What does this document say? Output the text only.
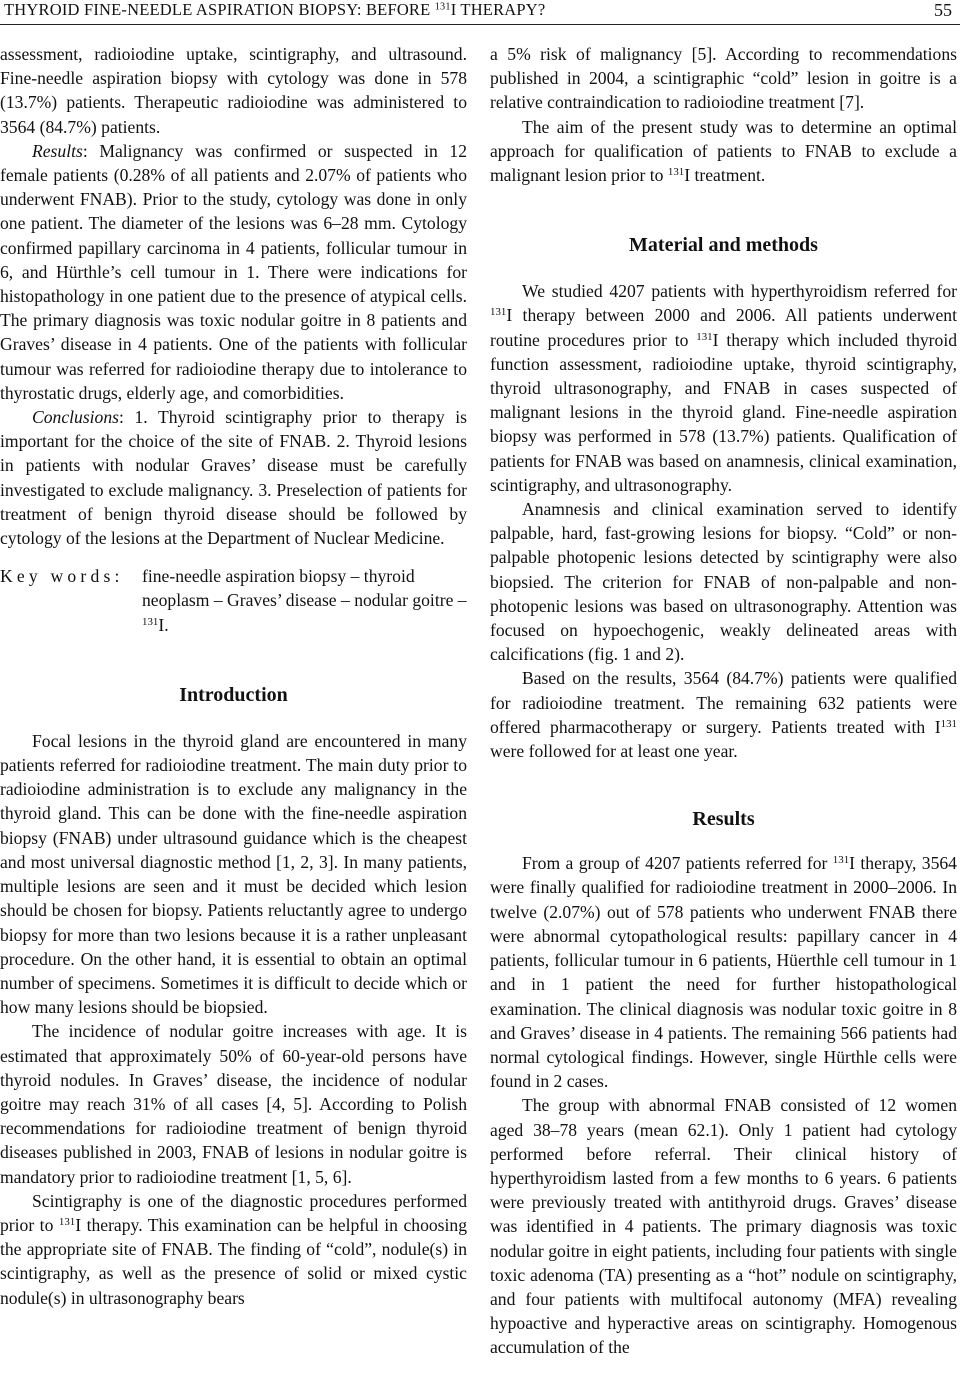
THYROID FINE-NEEDLE ASPIRATION BIOPSY: BEFORE $^{131}$I THERAPY?	55

assessment, radioiodine uptake, scintigraphy, and ultrasound. Fine-needle aspiration biopsy with cytology was done in 578 (13.7%) patients. Therapeutic radioiodine was administered to 3564 (84.7%) patients.

Results: Malignancy was confirmed or suspected in 12 female patients (0.28% of all patients and 2.07% of patients who underwent FNAB). Prior to the study, cytology was done in only one patient. The diameter of the lesions was 6–28 mm. Cytology confirmed papillary carcinoma in 4 patients, follicular tumour in 6, and Hürthle’s cell tumour in 1. There were indications for histopathology in one patient due to the presence of atypical cells. The primary diagnosis was toxic nodular goitre in 8 patients and Graves’ disease in 4 patients. One of the patients with follicular tumour was referred for radioiodine therapy due to intolerance to thyrostatic drugs, elderly age, and comorbidities.

Conclusions: 1. Thyroid scintigraphy prior to therapy is important for the choice of the site of FNAB. 2. Thyroid lesions in patients with nodular Graves’ disease must be carefully investigated to exclude malignancy. 3. Preselection of patients for treatment of benign thyroid disease should be followed by cytology of the lesions at the Department of Nuclear Medicine.

Key words:	fine-needle aspiration biopsy – thyroid neoplasm – Graves’ disease – nodular goitre – $^{131}$I.
Introduction

Focal lesions in the thyroid gland are encountered in many patients referred for radioiodine treatment. The main duty prior to radioiodine administration is to exclude any malignancy in the thyroid gland. This can be done with the fine-needle aspiration biopsy (FNAB) under ultrasound guidance which is the cheapest and most universal diagnostic method [1, 2, 3]. In many patients, multiple lesions are seen and it must be decided which lesion should be chosen for biopsy. Patients reluctantly agree to undergo biopsy for more than two lesions because it is a rather unpleasant procedure. On the other hand, it is essential to obtain an optimal number of specimens. Sometimes it is difficult to decide which or how many lesions should be biopsied.

The incidence of nodular goitre increases with age. It is estimated that approximately 50% of 60-year-old persons have thyroid nodules. In Graves’ disease, the incidence of nodular goitre may reach 31% of all cases [4, 5]. According to Polish recommendations for radioiodine treatment of benign thyroid diseases published in 2003, FNAB of lesions in nodular goitre is mandatory prior to radioiodine treatment [1, 5, 6].

Scintigraphy is one of the diagnostic procedures performed prior to $^{131}$I therapy. This examination can be helpful in choosing the appropriate site of FNAB. The finding of “cold”, nodule(s) in scintigraphy, as well as the presence of solid or mixed cystic nodule(s) in ultrasonography bears

a 5% risk of malignancy [5]. According to recommendations published in 2004, a scintigraphic “cold” lesion in goitre is a relative contraindication to radioiodine treatment [7].

The aim of the present study was to determine an optimal approach for qualification of patients to FNAB to exclude a malignant lesion prior to $^{131}$I treatment.

Material and methods

We studied 4207 patients with hyperthyroidism referred for $^{131}$I therapy between 2000 and 2006. All patients underwent routine procedures prior to $^{131}$I therapy which included thyroid function assessment, radioiodine uptake, thyroid scintigraphy, thyroid ultrasonography, and FNAB in cases suspected of malignant lesions in the thyroid gland. Fine-needle aspiration biopsy was performed in 578 (13.7%) patients. Qualification of patients for FNAB was based on anamnesis, clinical examination, scintigraphy, and ultrasonography.

Anamnesis and clinical examination served to identify palpable, hard, fast-growing lesions for biopsy. “Cold” or non-palpable photopenic lesions detected by scintigraphy were also biopsied. The criterion for FNAB of non-palpable and non-photopenic lesions was based on ultrasonography. Attention was focused on hypoechogenic, weakly delineated areas with calcifications (fig. 1 and 2).

Based on the results, 3564 (84.7%) patients were qualified for radioiodine treatment. The remaining 632 patients were offered pharmacotherapy or surgery. Patients treated with $I^{131}$ were followed for at least one year.

Results

From a group of 4207 patients referred for $^{131}$I therapy, 3564 were finally qualified for radioiodine treatment in 2000–2006. In twelve (2.07%) out of 578 patients who underwent FNAB there were abnormal cytopathological results: papillary cancer in 4 patients, follicular tumour in 6 patients, Hüerthle cell tumour in 1 and in 1 patient the need for further histopathological examination. The clinical diagnosis was nodular toxic goitre in 8 and Graves’ disease in 4 patients. The remaining 566 patients had normal cytological findings. However, single Hürthle cells were found in 2 cases.

The group with abnormal FNAB consisted of 12 women aged 38–78 years (mean 62.1). Only 1 patient had cytology performed before referral. Their clinical history of hyperthyroidism lasted from a few months to 6 years. 6 patients were previously treated with antithyroid drugs. Graves’ disease was identified in 4 patients. The primary diagnosis was toxic nodular goitre in eight patients, including four patients with single toxic adenoma (TA) presenting as a “hot” nodule on scintigraphy, and four patients with multifocal autonomy (MFA) revealing hypoactive and hyperactive areas on scintigraphy. Homogenous accumulation of the
